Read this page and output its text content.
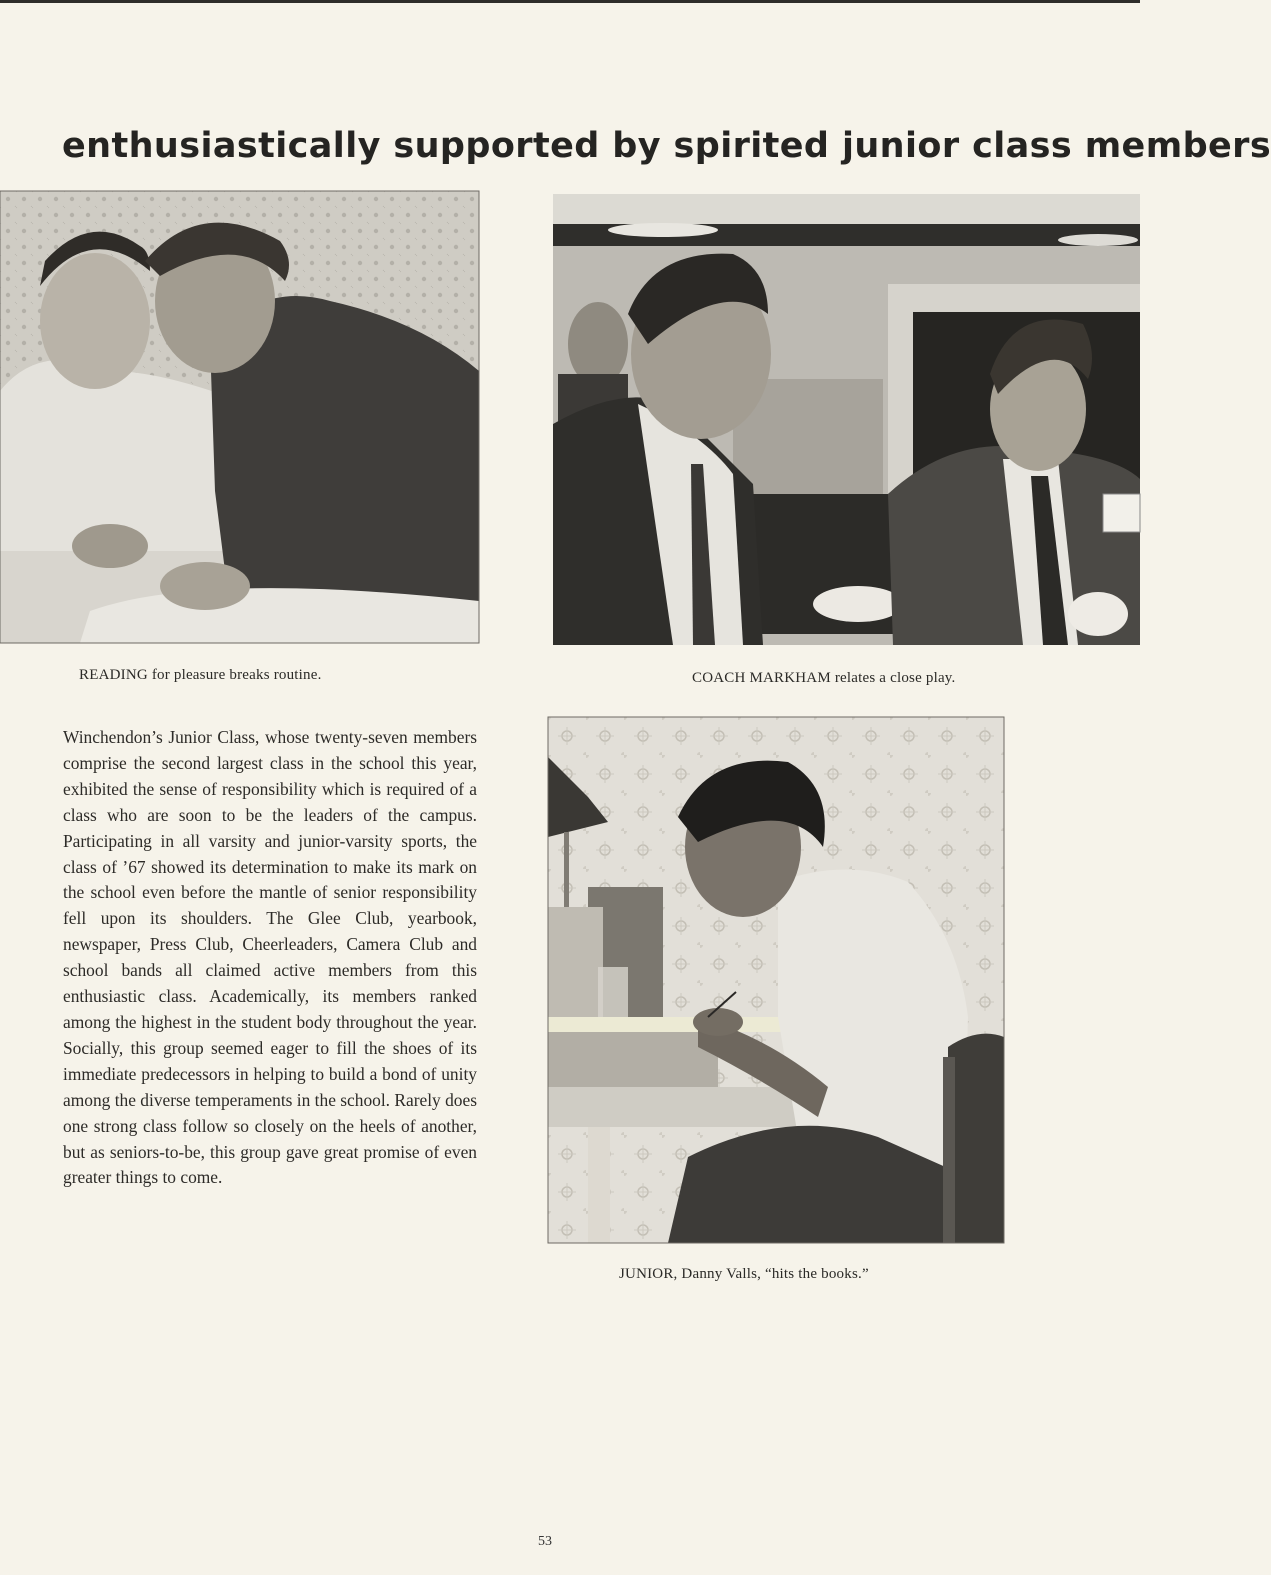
enthusiastically supported by spirited junior class members
READING for pleasure breaks routine.	COACH MARKHAM relates a close play.
JUNIOR, Danny Valls, “hits the books.”

Winchendon’s Junior Class, whose twenty-seven members comprise the second largest class in the school this year, exhibited the sense of responsibility which is required of a class who are soon to be the leaders of the campus. Participating in all varsity and junior-varsity sports, the class of ’67 showed its determination to make its mark on the school even before the mantle of senior responsibility fell upon its shoulders. The Glee Club, yearbook, newspaper, Press Club, Cheerleaders, Camera Club and school bands all claimed active members from this enthusiastic class. Academically, its members ranked among the highest in the student body throughout the year. Socially, this group seemed eager to fill the shoes of its immediate predecessors in helping to build a bond of unity among the diverse temperaments in the school. Rarely does one strong class follow so closely on the heels of another, but as seniors-to-be, this group gave great promise of even greater things to come.

53
